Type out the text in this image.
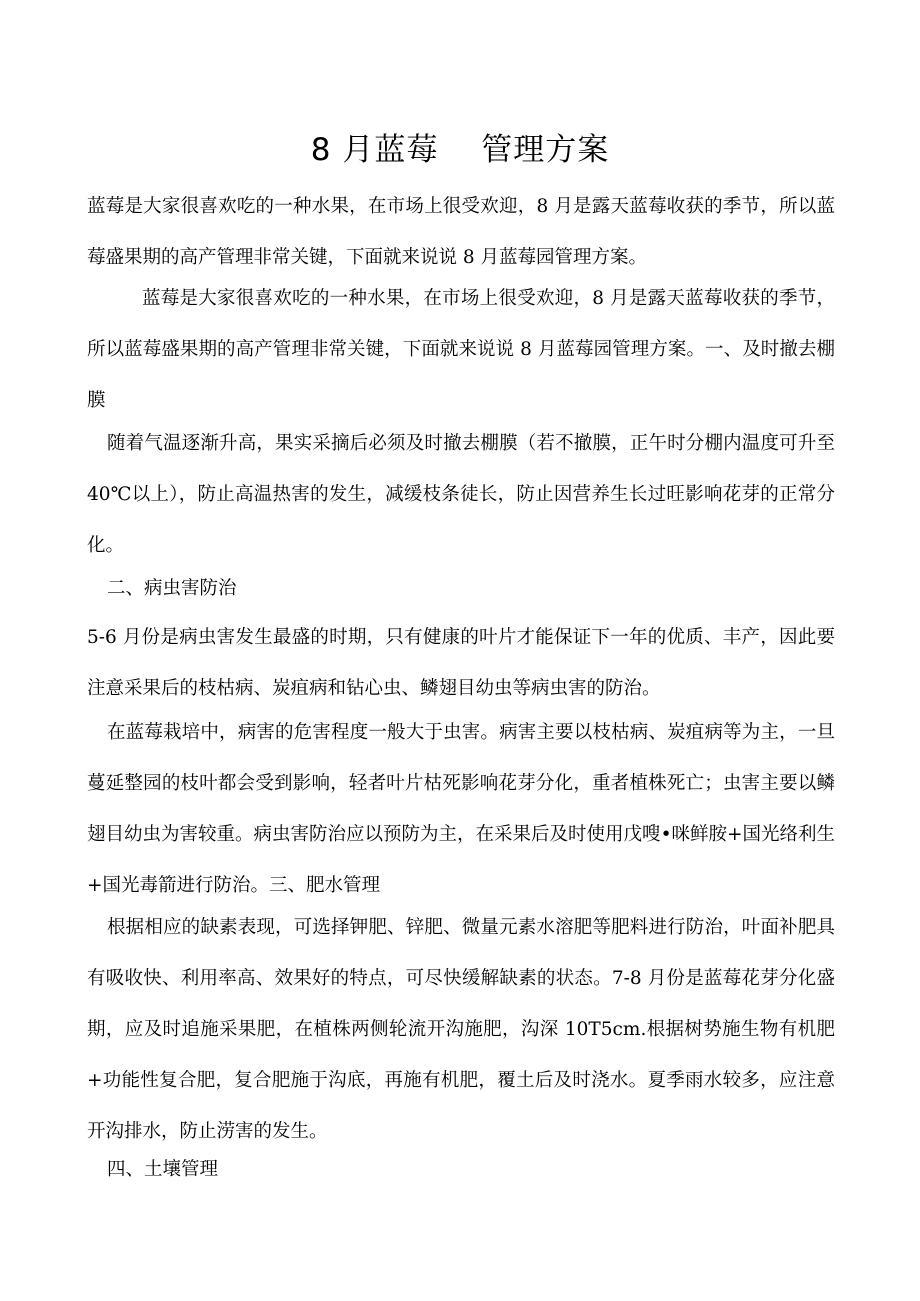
8 月蓝莓　 管理方案

蓝莓是大家很喜欢吃的一种水果，在市场上很受欢迎，8 月是露天蓝莓收获的季节，所以蓝莓盛果期的高产管理非常关键，下面就来说说 8 月蓝莓园管理方案。

蓝莓是大家很喜欢吃的一种水果，在市场上很受欢迎，8 月是露天蓝莓收获的季节，所以蓝莓盛果期的高产管理非常关键，下面就来说说 8 月蓝莓园管理方案。一、及时撤去棚膜

随着气温逐渐升高，果实采摘后必须及时撤去棚膜（若不撤膜，正午时分棚内温度可升至 40℃以上），防止高温热害的发生，减缓枝条徒长，防止因营养生长过旺影响花芽的正常分化。

二、病虫害防治

5-6 月份是病虫害发生最盛的时期，只有健康的叶片才能保证下一年的优质、丰产，因此要注意采果后的枝枯病、炭疽病和钻心虫、鳞翅目幼虫等病虫害的防治。

在蓝莓栽培中，病害的危害程度一般大于虫害。病害主要以枝枯病、炭疽病等为主，一旦蔓延整园的枝叶都会受到影响，轻者叶片枯死影响花芽分化，重者植株死亡；虫害主要以鳞翅目幼虫为害较重。病虫害防治应以预防为主，在采果后及时使用戊嗖•咪鲜胺+国光络利生+国光毒箭进行防治。三、肥水管理

根据相应的缺素表现，可选择钾肥、锌肥、微量元素水溶肥等肥料进行防治，叶面补肥具有吸收快、利用率高、效果好的特点，可尽快缓解缺素的状态。7-8 月份是蓝莓花芽分化盛期，应及时追施采果肥，在植株两侧轮流开沟施肥，沟深 10T5cm.根据树势施生物有机肥+功能性复合肥，复合肥施于沟底，再施有机肥，覆土后及时浇水。夏季雨水较多，应注意开沟排水，防止涝害的发生。

四、土壤管理
